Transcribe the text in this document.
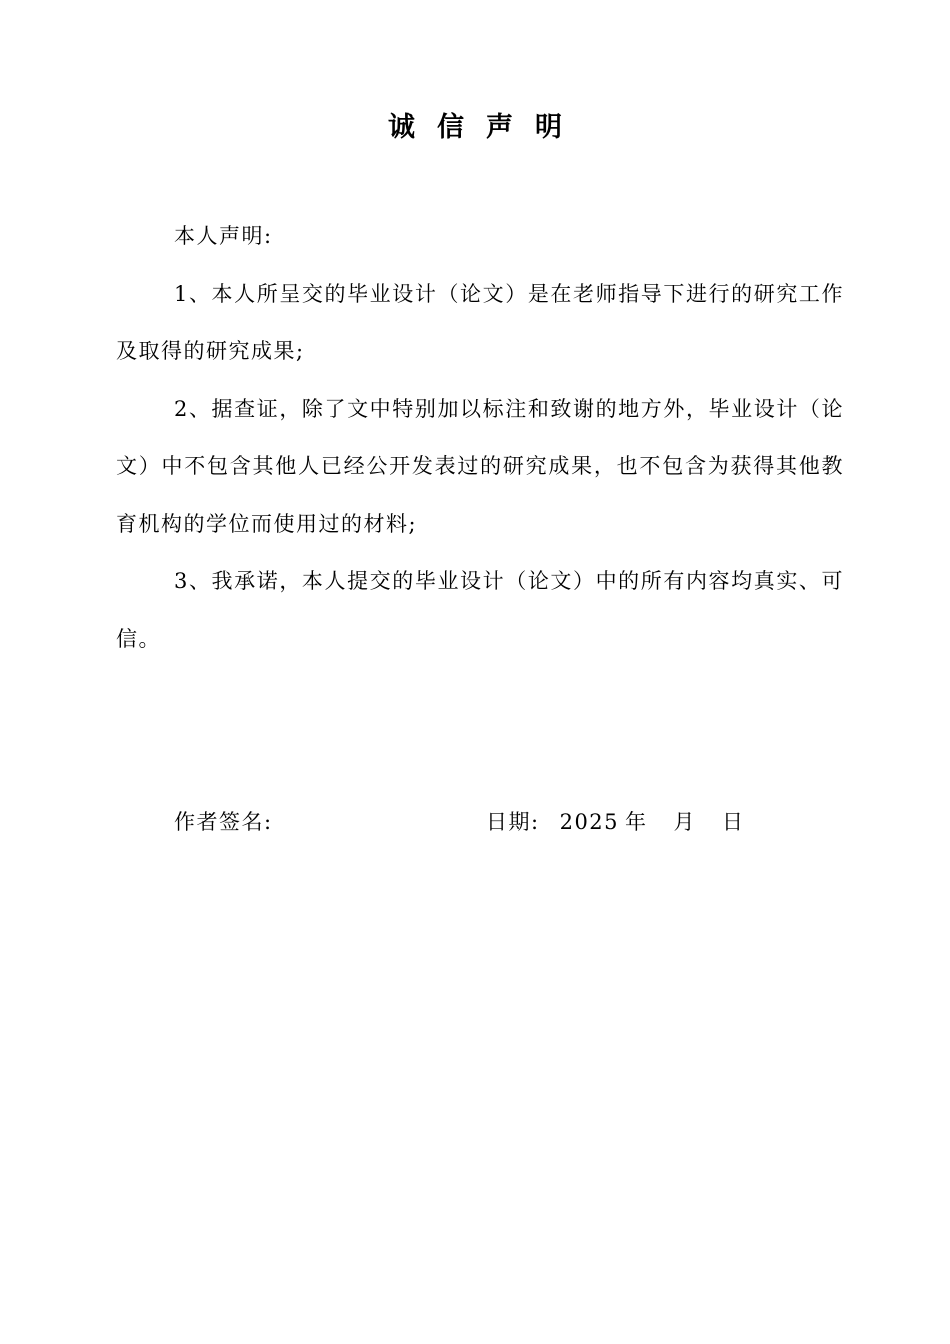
诚信声明

本人声明:

1、本人所呈交的毕业设计（论文）是在老师指导下进行的研究工作及取得的研究成果;

2、据查证，除了文中特别加以标注和致谢的地方外，毕业设计（论文）中不包含其他人已经公开发表过的研究成果，也不包含为获得其他教育机构的学位而使用过的材料;

3、我承诺，本人提交的毕业设计（论文）中的所有内容均真实、可信。

作者签名:	日期: 2025 年 月 日
